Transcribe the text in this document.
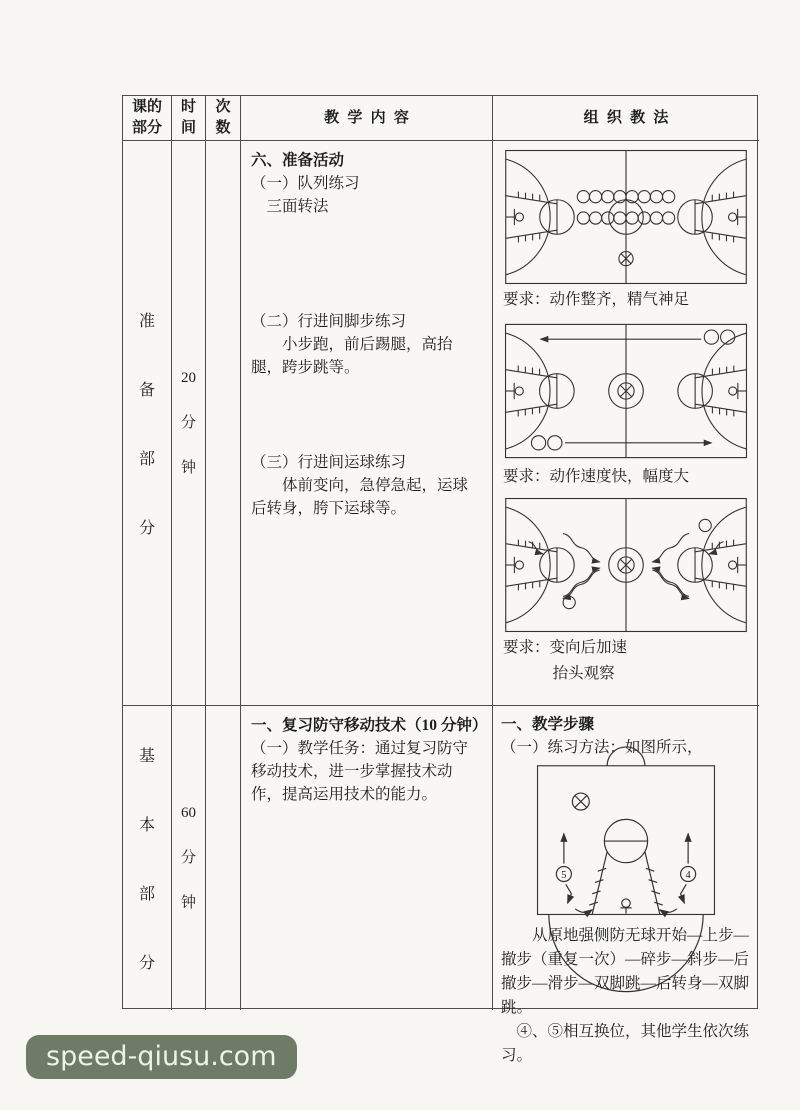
课的部分
时间
次数
教学内容	组织教法
准
备
部
分
20
分
钟

六、准备活动

（一）队列练习

三面转法

（二）行进间脚步练习

小步跑，前后踢腿，高抬腿，跨步跳等。

（三）行进间运球练习

体前变向，急停急起，运球后转身，胯下运球等。

要求：动作整齐，精气神足

要求：动作速度快，幅度大

要求：变向后加速

抬头观察

基
本
部
分
60
分
钟

一、复习防守移动技术（10 分钟）

（一）教学任务：通过复习防守移动技术，进一步掌握技术动作，提高运用技术的能力。

一、教学步骤

（一）练习方法：如图所示，

5	4

从原地强侧防无球开始—上步—撤步（重复一次）—碎步—斜步—后撤步—滑步—双脚跳—后转身—双脚跳。

④、⑤相互换位，其他学生依次练习。

speed-qiusu.com
